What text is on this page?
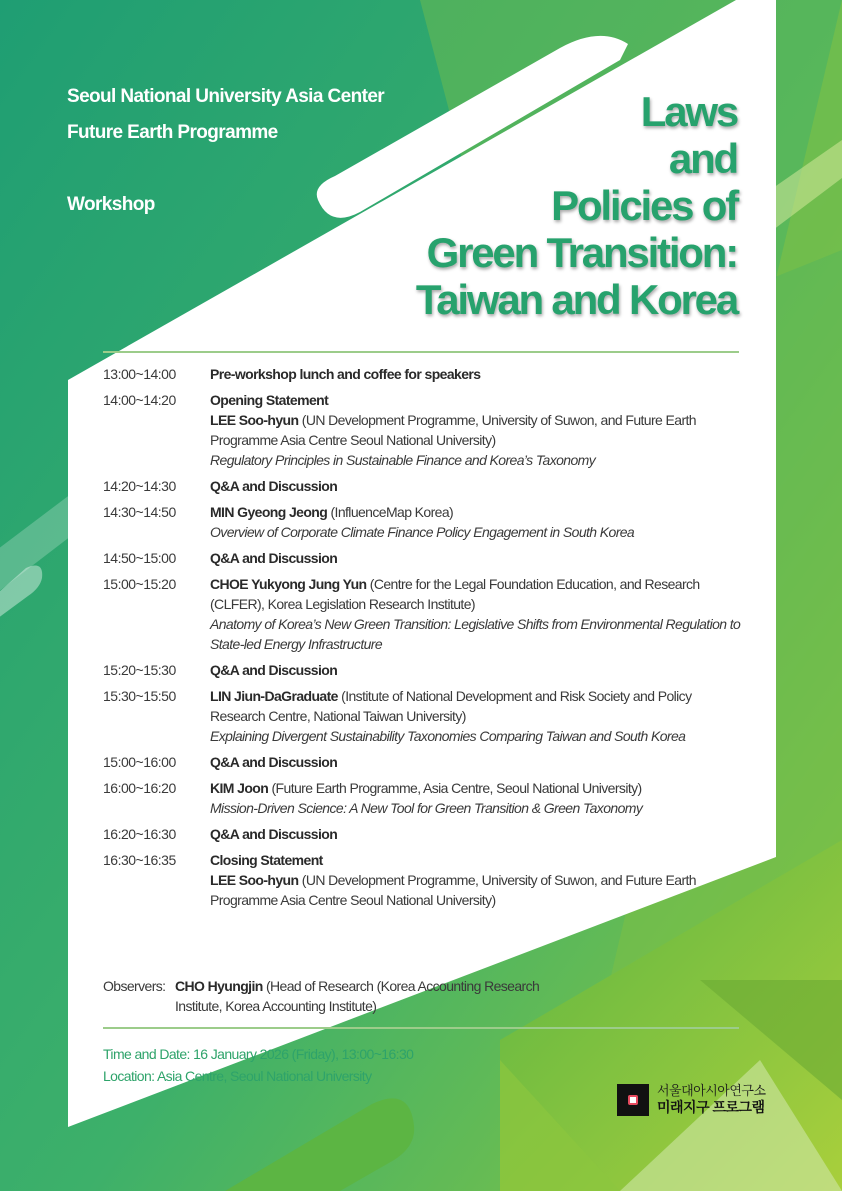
Seoul National University Asia Center
Future Earth Programme
Workshop
Laws
and
Policies of
Green Transition:
Taiwan and Korea
13:00~14:00	Pre-workshop lunch and coffee for speakers
14:00~14:20	Opening Statement
LEE Soo-hyun (UN Development Programme, University of Suwon, and Future Earth Programme Asia Centre Seoul National University)
Regulatory Principles in Sustainable Finance and Korea’s Taxonomy
14:20~14:30	Q&A and Discussion
14:30~14:50	MIN Gyeong Jeong (InfluenceMap Korea)
Overview of Corporate Climate Finance Policy Engagement in South Korea
14:50~15:00	Q&A and Discussion
15:00~15:20	CHOE Yukyong Jung Yun (Centre for the Legal Foundation Education, and Research (CLFER), Korea Legislation Research Institute)
Anatomy of Korea’s New Green Transition: Legislative Shifts from Environmental Regulation to State-led Energy Infrastructure
15:20~15:30	Q&A and Discussion
15:30~15:50	LIN Jiun-DaGraduate (Institute of National Development and Risk Society and Policy Research Centre, National Taiwan University)
Explaining Divergent Sustainability Taxonomies Comparing Taiwan and South Korea
15:00~16:00	Q&A and Discussion
16:00~16:20	KIM Joon (Future Earth Programme, Asia Centre, Seoul National University)
Mission-Driven Science: A New Tool for Green Transition & Green Taxonomy
16:20~16:30	Q&A and Discussion
16:30~16:35	Closing Statement
LEE Soo-hyun (UN Development Programme, University of Suwon, and Future Earth Programme Asia Centre Seoul National University)
Observers: CHO Hyungjin (Head of Research (Korea Accounting Research
Institute, Korea Accounting Institute)
Time and Date: 16 January 2026 (Friday), 13:00~16:30
Location: Asia Centre, Seoul National University
서울대아시아연구소
미래지구 프로그램
